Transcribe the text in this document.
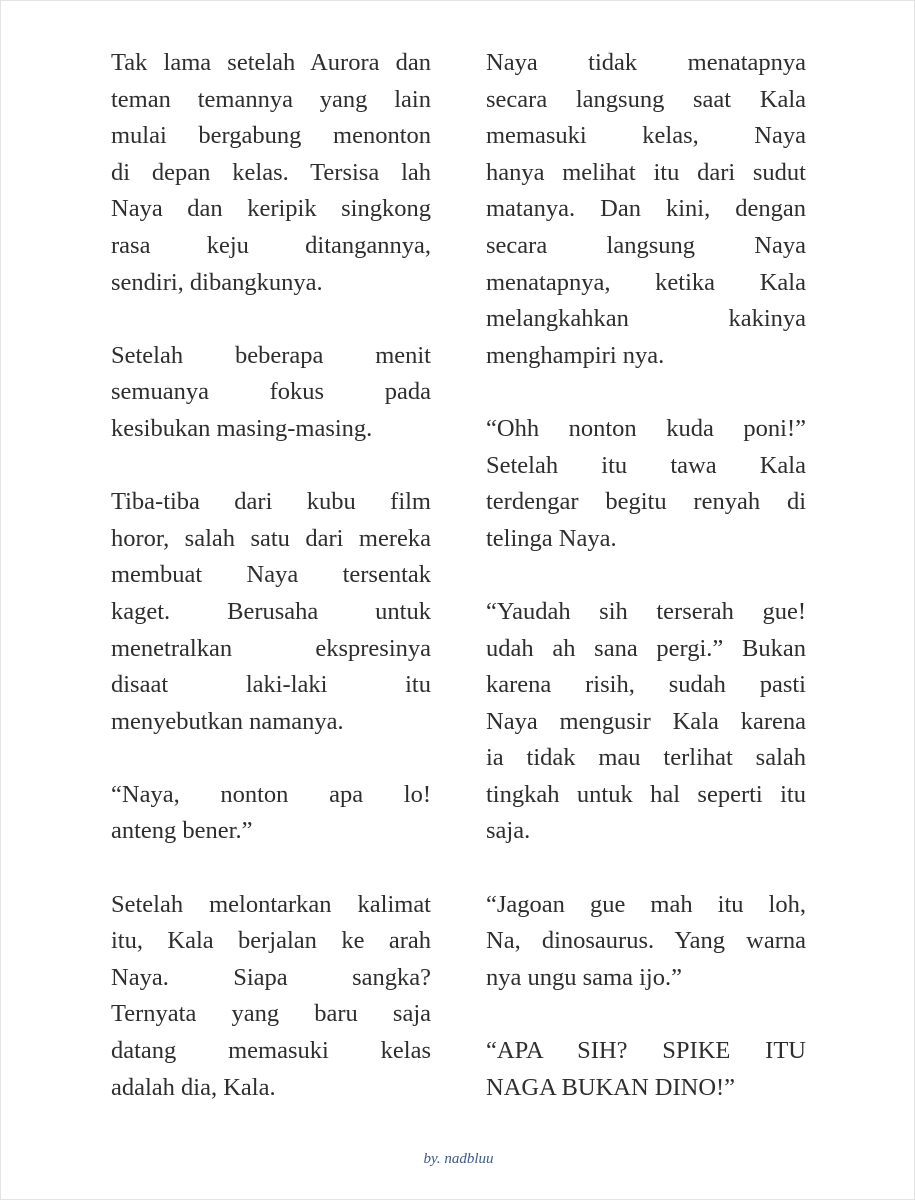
Tak lama setelah Aurora dan
teman temannya yang lain
mulai bergabung menonton
di depan kelas. Tersisa lah
Naya dan keripik singkong
rasa keju ditangannya,
sendiri, dibangkunya.

Setelah beberapa menit
semuanya fokus pada
kesibukan masing-masing.

Tiba-tiba dari kubu film
horor, salah satu dari mereka
membuat Naya tersentak
kaget. Berusaha untuk
menetralkan ekspresinya
disaat laki-laki itu
menyebutkan namanya.

“Naya, nonton apa lo!
anteng bener.”

Setelah melontarkan kalimat
itu, Kala berjalan ke arah
Naya. Siapa sangka?
Ternyata yang baru saja
datang memasuki kelas
adalah dia, Kala.

Naya tidak menatapnya
secara langsung saat Kala
memasuki kelas, Naya
hanya melihat itu dari sudut
matanya. Dan kini, dengan
secara langsung Naya
menatapnya, ketika Kala
melangkahkan kakinya
menghampiri nya.

“Ohh nonton kuda poni!”
Setelah itu tawa Kala
terdengar begitu renyah di
telinga Naya.

“Yaudah sih terserah gue!
udah ah sana pergi.” Bukan
karena risih, sudah pasti
Naya mengusir Kala karena
ia tidak mau terlihat salah
tingkah untuk hal seperti itu
saja.

“Jagoan gue mah itu loh,
Na, dinosaurus. Yang warna
nya ungu sama ijo.”

“APA SIH? SPIKE ITU
NAGA BUKAN DINO!”

by. nadbluu
